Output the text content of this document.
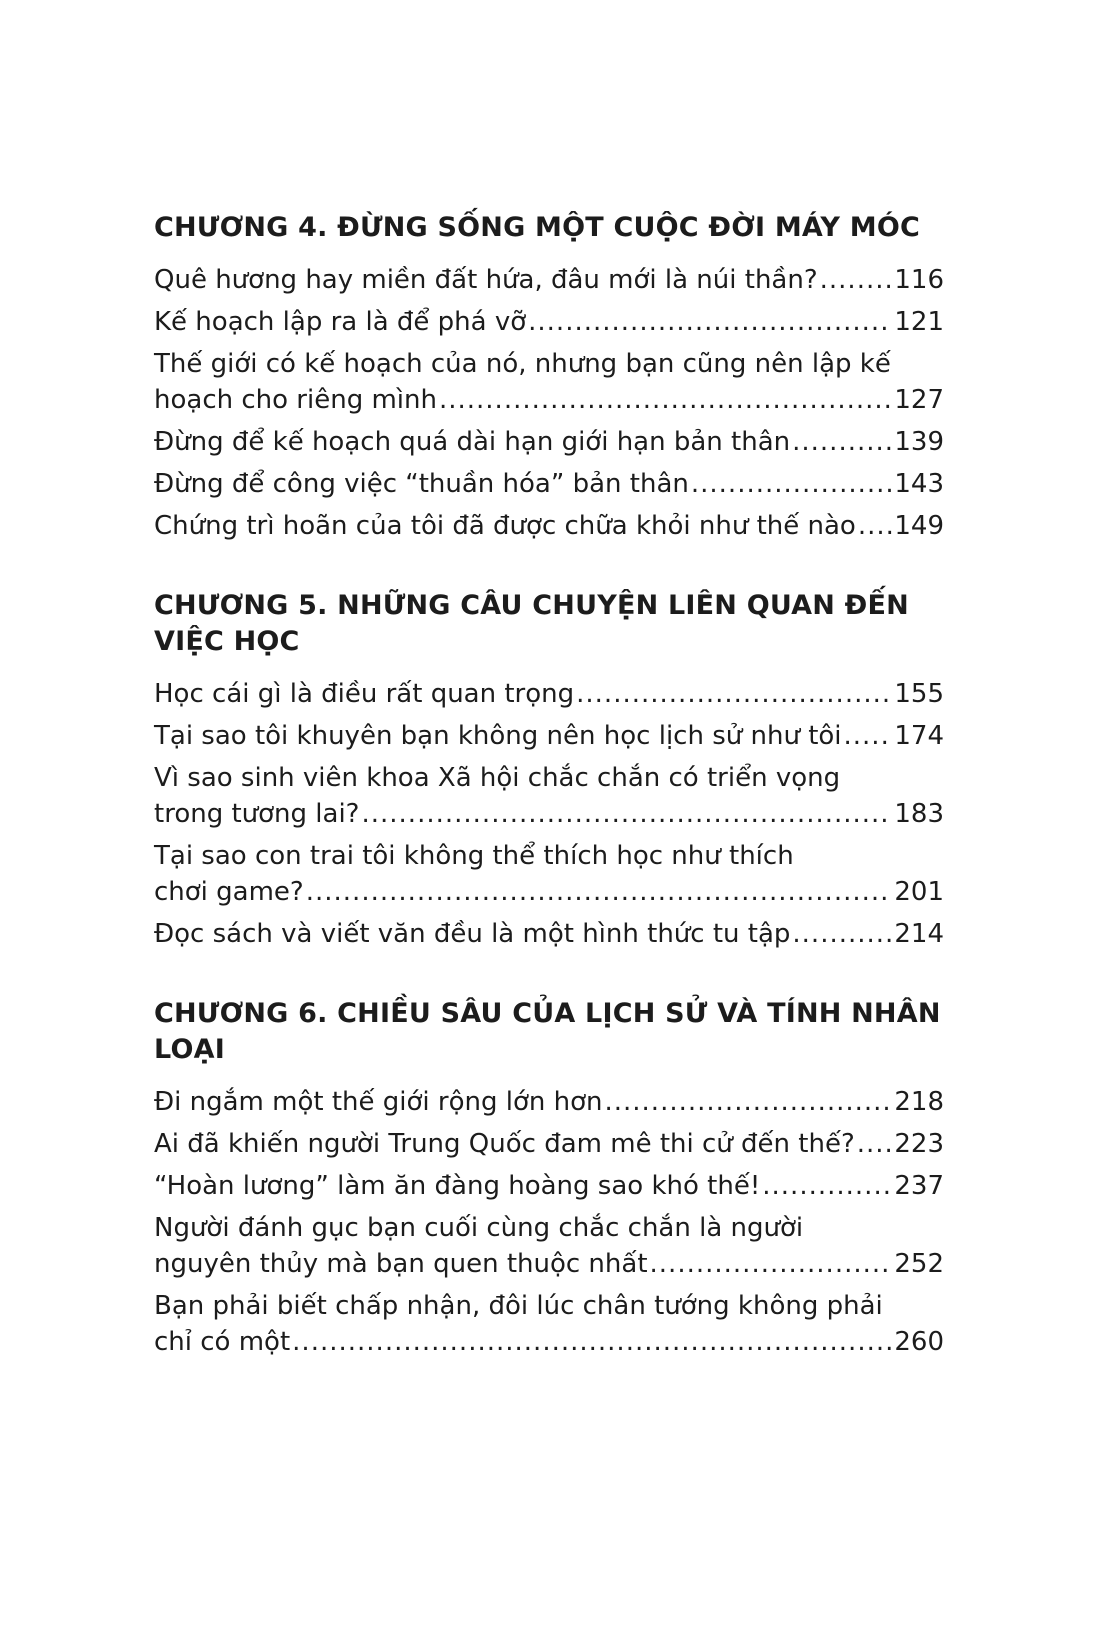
CHƯƠNG 4. ĐỪNG SỐNG MỘT CUỘC ĐỜI MÁY MÓC
Quê hương hay miền đất hứa, đâu mới là núi thần? .....	116
Kế hoạch lập ra là để phá vỡ .....	121
Thế giới có kế hoạch của nó, nhưng bạn cũng nên lập kế
hoạch cho riêng mình .....	127
Đừng để kế hoạch quá dài hạn giới hạn bản thân .....	139
Đừng để công việc “thuần hóa” bản thân .....	143
Chứng trì hoãn của tôi đã được chữa khỏi như thế nào ..... 149
CHƯƠNG 5. NHỮNG CÂU CHUYỆN LIÊN QUAN ĐẾN VIỆC HỌC
Học cái gì là điều rất quan trọng .....	155
Tại sao tôi khuyên bạn không nên học lịch sử như tôi ..... 174
Vì sao sinh viên khoa Xã hội chắc chắn có triển vọng
trong tương lai? .....	183
Tại sao con trai tôi không thể thích học như thích
chơi game? .....	201
Đọc sách và viết văn đều là một hình thức tu tập .....	214
CHƯƠNG 6. CHIỀU SÂU CỦA LỊCH SỬ VÀ TÍNH NHÂN LOẠI
Đi ngắm một thế giới rộng lớn hơn .....	218
Ai đã khiến người Trung Quốc đam mê thi cử đến thế? ..... 223
“Hoàn lương” làm ăn đàng hoàng sao khó thế! .....	237
Người đánh gục bạn cuối cùng chắc chắn là người
nguyên thủy mà bạn quen thuộc nhất .....	252
Bạn phải biết chấp nhận, đôi lúc chân tướng không phải
chỉ có một .....	260
